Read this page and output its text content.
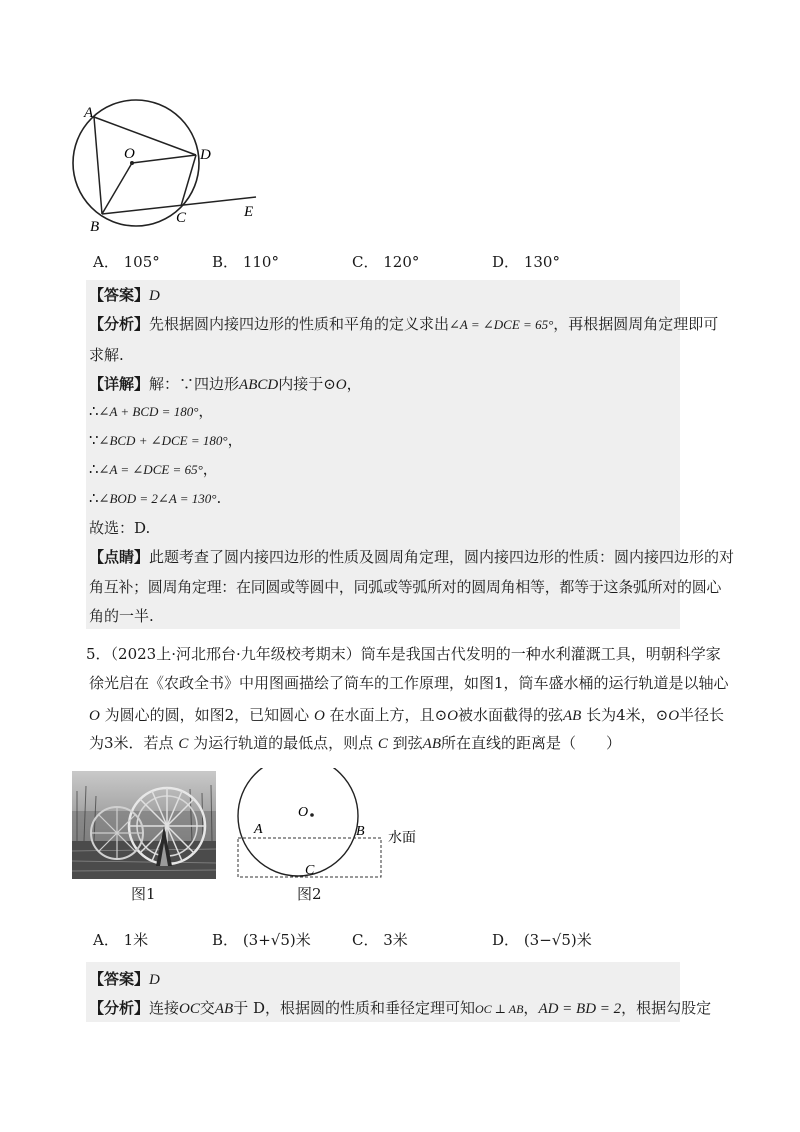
A
O	D
B
C	E
A． 105°	B． 110°	C． 120°	D． 130°
【答案】D
【分析】先根据圆内接四边形的性质和平角的定义求出∠A = ∠DCE = 65°，再根据圆周角定理即可
求解.
【详解】解：∵四边形ABCD内接于⊙O，
∴∠A + BCD = 180°，
∵∠BCD + ∠DCE = 180°，
∴∠A = ∠DCE = 65°，
∴∠BOD = 2∠A = 130°.
故选：D.
【点睛】此题考查了圆内接四边形的性质及圆周角定理，圆内接四边形的性质：圆内接四边形的对
角互补；圆周角定理：在同圆或等圆中，同弧或等弧所对的圆周角相等，都等于这条弧所对的圆心
角的一半.
5．（2023上·河北邢台·九年级校考期末）筒车是我国古代发明的一种水利灌溉工具，明朝科学家
徐光启在《农政全书》中用图画描绘了筒车的工作原理，如图1，筒车盛水桶的运行轨道是以轴心
O 为圆心的圆，如图2，已知圆心 O 在水面上方，且⊙O被水面截得的弦AB 长为4米，⊙O半径长
为3米．若点 C 为运行轨道的最低点，则点 C 到弦AB所在直线的距离是（　　）
图1
O
A	B
C
水面
图2
A． 1米	B． (3+√5)米	C． 3米	D． (3−√5)米
【答案】D
【分析】连接OC交AB于 D，根据圆的性质和垂径定理可知OC ⊥ AB，AD = BD = 2，根据勾股定
